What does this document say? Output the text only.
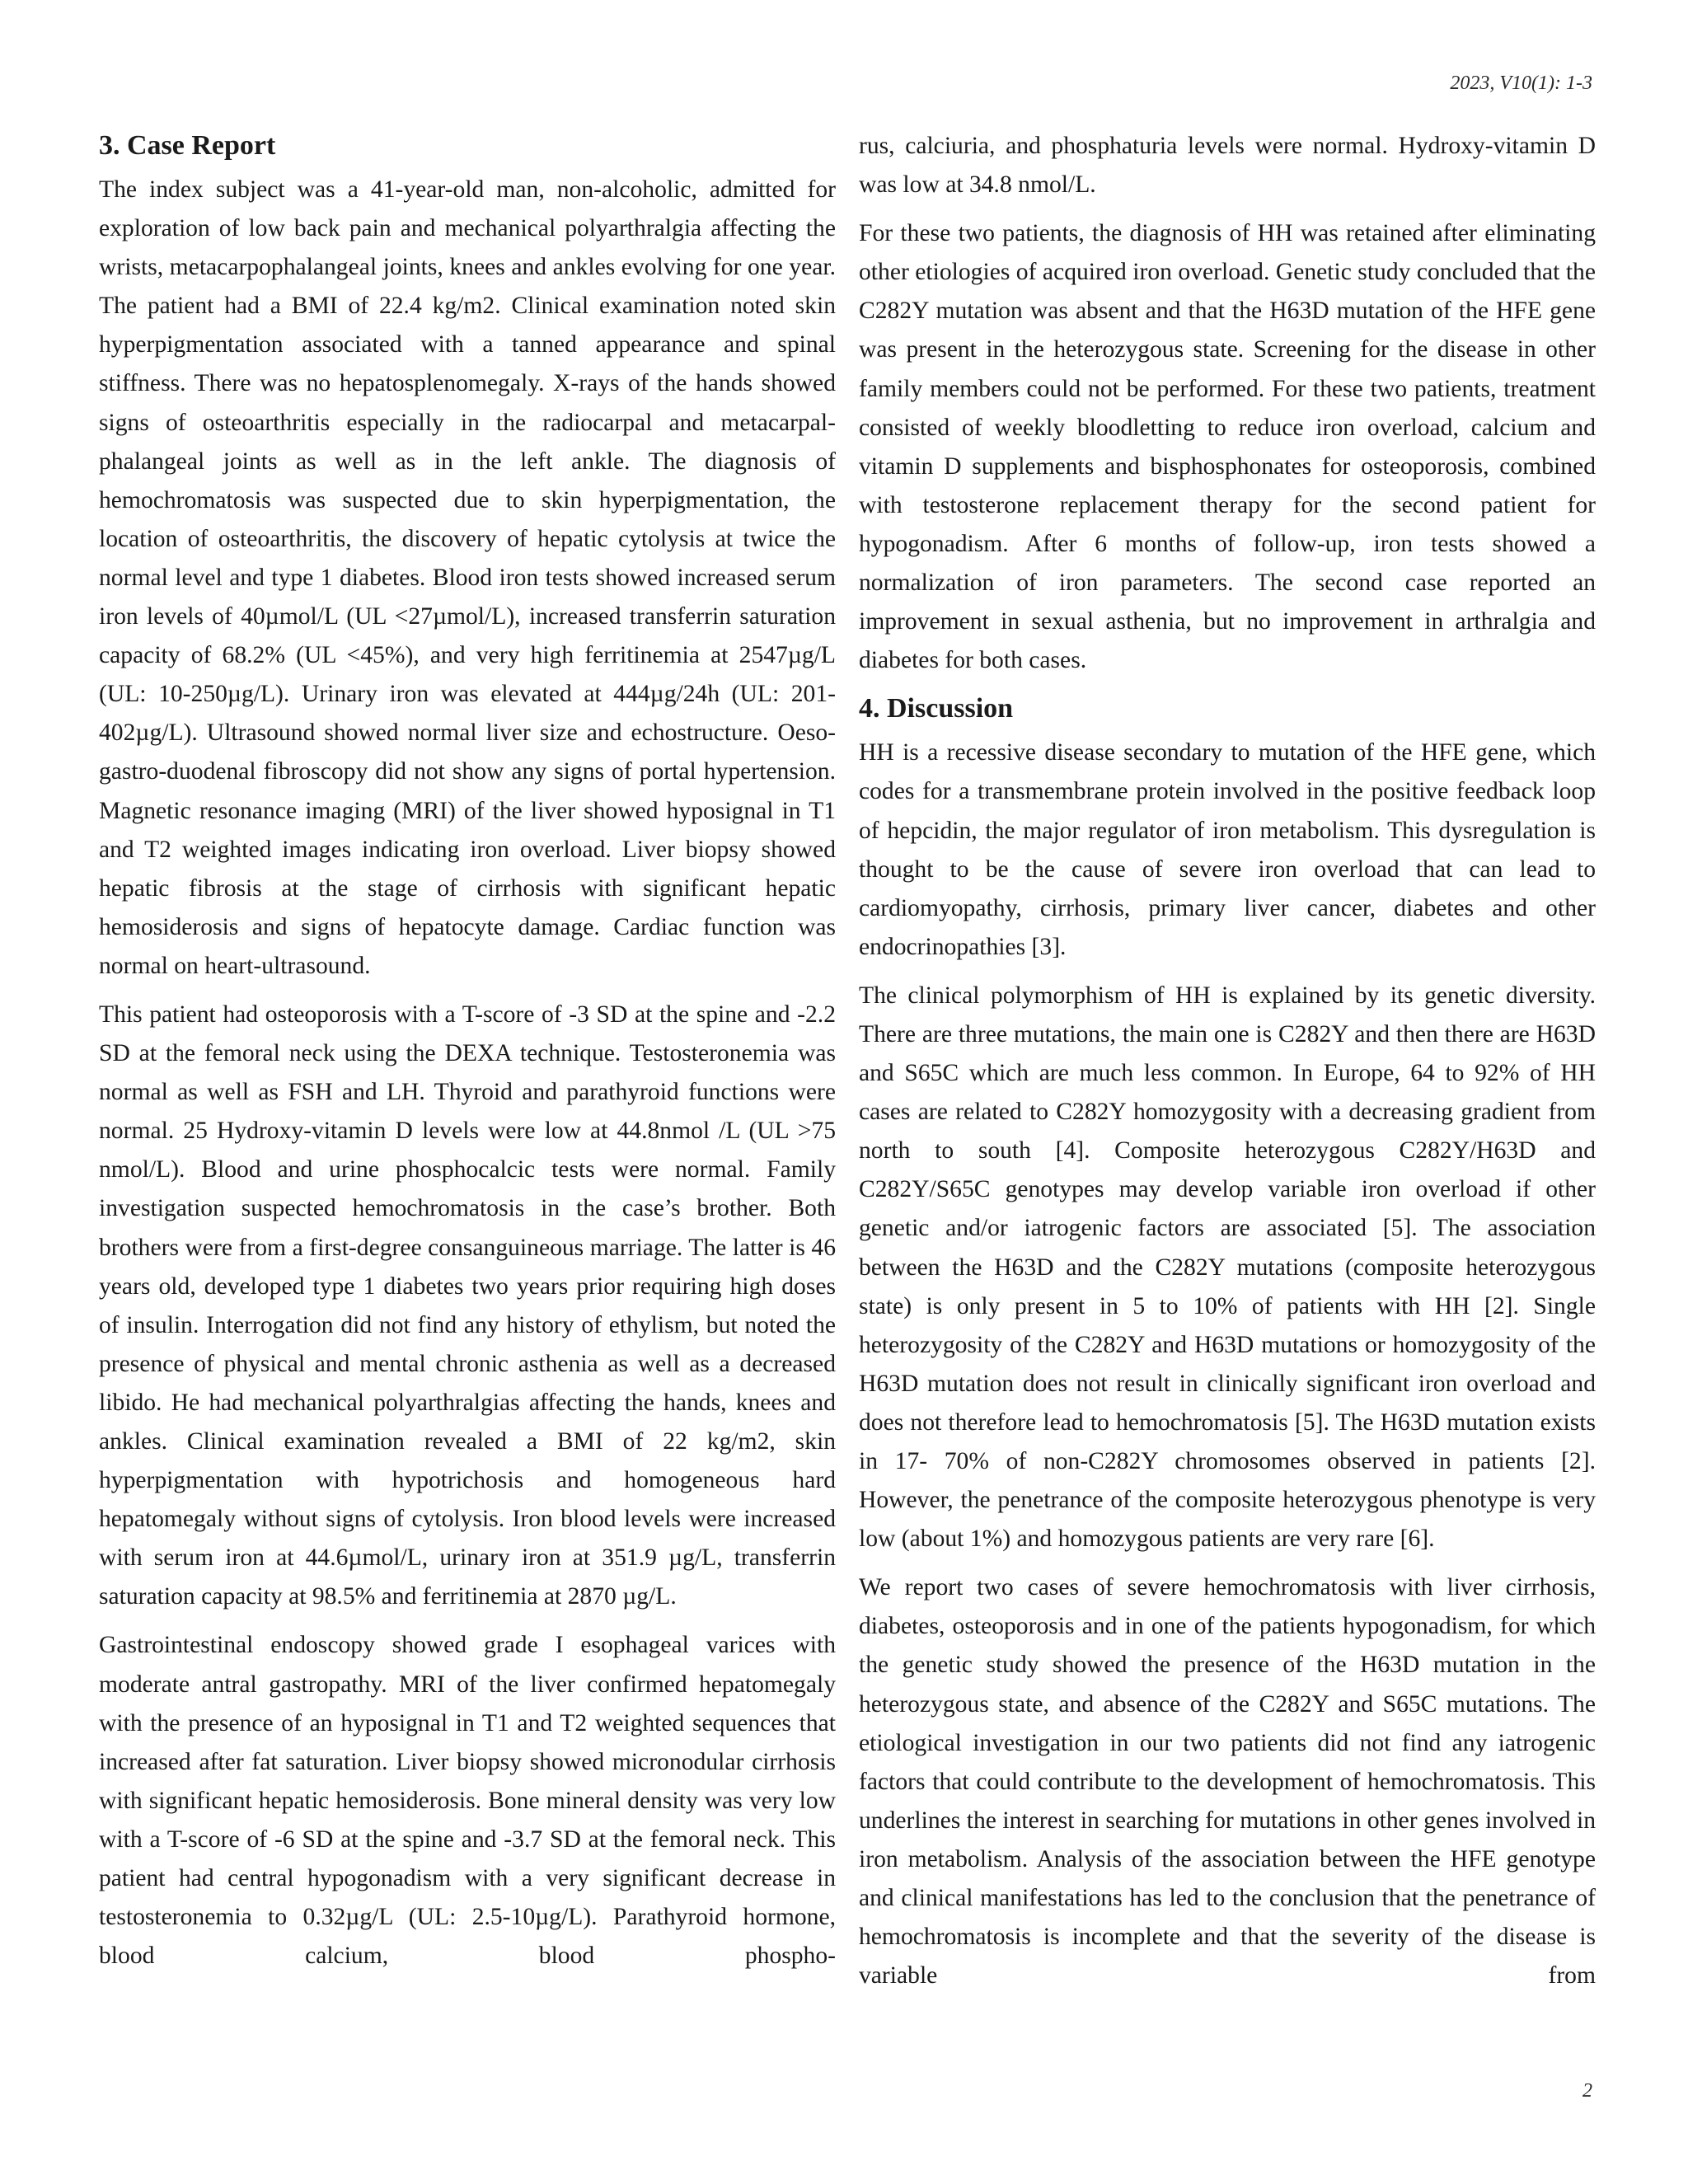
2023, V10(1): 1-3
3. Case Report

The index subject was a 41-year-old man, non-alcoholic, admitted for exploration of low back pain and mechanical polyarthralgia affecting the wrists, metacarpophalangeal joints, knees and ankles evolving for one year. The patient had a BMI of 22.4 kg/m2. Clinical examination noted skin hyperpigmentation associated with a tanned appearance and spinal stiffness. There was no hepatosplenomegaly. X-rays of the hands showed signs of osteoarthritis especially in the radiocarpal and metacarpal-phalangeal joints as well as in the left ankle. The diagnosis of hemochromatosis was suspected due to skin hyperpigmentation, the location of osteoarthritis, the discovery of hepatic cytolysis at twice the normal level and type 1 diabetes. Blood iron tests showed increased serum iron levels of 40µmol/L (UL <27µmol/L), increased transferrin saturation capacity of 68.2% (UL <45%), and very high ferritinemia at 2547µg/L (UL: 10-250µg/L). Urinary iron was elevated at 444µg/24h (UL: 201-402µg/L). Ultrasound showed normal liver size and echostructure. Oeso-gastro-duodenal fibroscopy did not show any signs of portal hypertension. Magnetic resonance imaging (MRI) of the liver showed hyposignal in T1 and T2 weighted images indicating iron overload. Liver biopsy showed hepatic fibrosis at the stage of cirrhosis with significant hepatic hemosiderosis and signs of hepatocyte damage. Cardiac function was normal on heart-ultrasound.

This patient had osteoporosis with a T-score of -3 SD at the spine and -2.2 SD at the femoral neck using the DEXA technique. Testosteronemia was normal as well as FSH and LH. Thyroid and parathyroid functions were normal. 25 Hydroxy-vitamin D levels were low at 44.8nmol /L (UL >75 nmol/L). Blood and urine phosphocalcic tests were normal. Family investigation suspected hemochromatosis in the case’s brother. Both brothers were from a first-degree consanguineous marriage. The latter is 46 years old, developed type 1 diabetes two years prior requiring high doses of insulin. Interrogation did not find any history of ethylism, but noted the presence of physical and mental chronic asthenia as well as a decreased libido. He had mechanical polyarthralgias affecting the hands, knees and ankles. Clinical examination revealed a BMI of 22 kg/m2, skin hyperpigmentation with hypotrichosis and homogeneous hard hepatomegaly without signs of cytolysis. Iron blood levels were increased with serum iron at 44.6µmol/L, urinary iron at 351.9 µg/L, transferrin saturation capacity at 98.5% and ferritinemia at 2870 µg/L.

Gastrointestinal endoscopy showed grade I esophageal varices with moderate antral gastropathy. MRI of the liver confirmed hepatomegaly with the presence of an hyposignal in T1 and T2 weighted sequences that increased after fat saturation. Liver biopsy showed micronodular cirrhosis with significant hepatic hemosiderosis. Bone mineral density was very low with a T-score of -6 SD at the spine and -3.7 SD at the femoral neck. This patient had central hypogonadism with a very significant decrease in testosteronemia to 0.32µg/L (UL: 2.5-10µg/L). Parathyroid hormone, blood calcium, blood phospho-

rus, calciuria, and phosphaturia levels were normal. Hydroxy-vitamin D was low at 34.8 nmol/L.

For these two patients, the diagnosis of HH was retained after eliminating other etiologies of acquired iron overload. Genetic study concluded that the C282Y mutation was absent and that the H63D mutation of the HFE gene was present in the heterozygous state. Screening for the disease in other family members could not be performed. For these two patients, treatment consisted of weekly bloodletting to reduce iron overload, calcium and vitamin D supplements and bisphosphonates for osteoporosis, combined with testosterone replacement therapy for the second patient for hypogonadism. After 6 months of follow-up, iron tests showed a normalization of iron parameters. The second case reported an improvement in sexual asthenia, but no improvement in arthralgia and diabetes for both cases.

4. Discussion

HH is a recessive disease secondary to mutation of the HFE gene, which codes for a transmembrane protein involved in the positive feedback loop of hepcidin, the major regulator of iron metabolism. This dysregulation is thought to be the cause of severe iron overload that can lead to cardiomyopathy, cirrhosis, primary liver cancer, diabetes and other endocrinopathies [3].

The clinical polymorphism of HH is explained by its genetic diversity. There are three mutations, the main one is C282Y and then there are H63D and S65C which are much less common. In Europe, 64 to 92% of HH cases are related to C282Y homozygosity with a decreasing gradient from north to south [4]. Composite heterozygous C282Y/H63D and C282Y/S65C genotypes may develop variable iron overload if other genetic and/or iatrogenic factors are associated [5]. The association between the H63D and the C282Y mutations (composite heterozygous state) is only present in 5 to 10% of patients with HH [2]. Single heterozygosity of the C282Y and H63D mutations or homozygosity of the H63D mutation does not result in clinically significant iron overload and does not therefore lead to hemochromatosis [5]. The H63D mutation exists in 17- 70% of non-C282Y chromosomes observed in patients [2]. However, the penetrance of the composite heterozygous phenotype is very low (about 1%) and homozygous patients are very rare [6].

We report two cases of severe hemochromatosis with liver cirrhosis, diabetes, osteoporosis and in one of the patients hypogonadism, for which the genetic study showed the presence of the H63D mutation in the heterozygous state, and absence of the C282Y and S65C mutations. The etiological investigation in our two patients did not find any iatrogenic factors that could contribute to the development of hemochromatosis. This underlines the interest in searching for mutations in other genes involved in iron metabolism. Analysis of the association between the HFE genotype and clinical manifestations has led to the conclusion that the penetrance of hemochromatosis is incomplete and that the severity of the disease is variable from

2
